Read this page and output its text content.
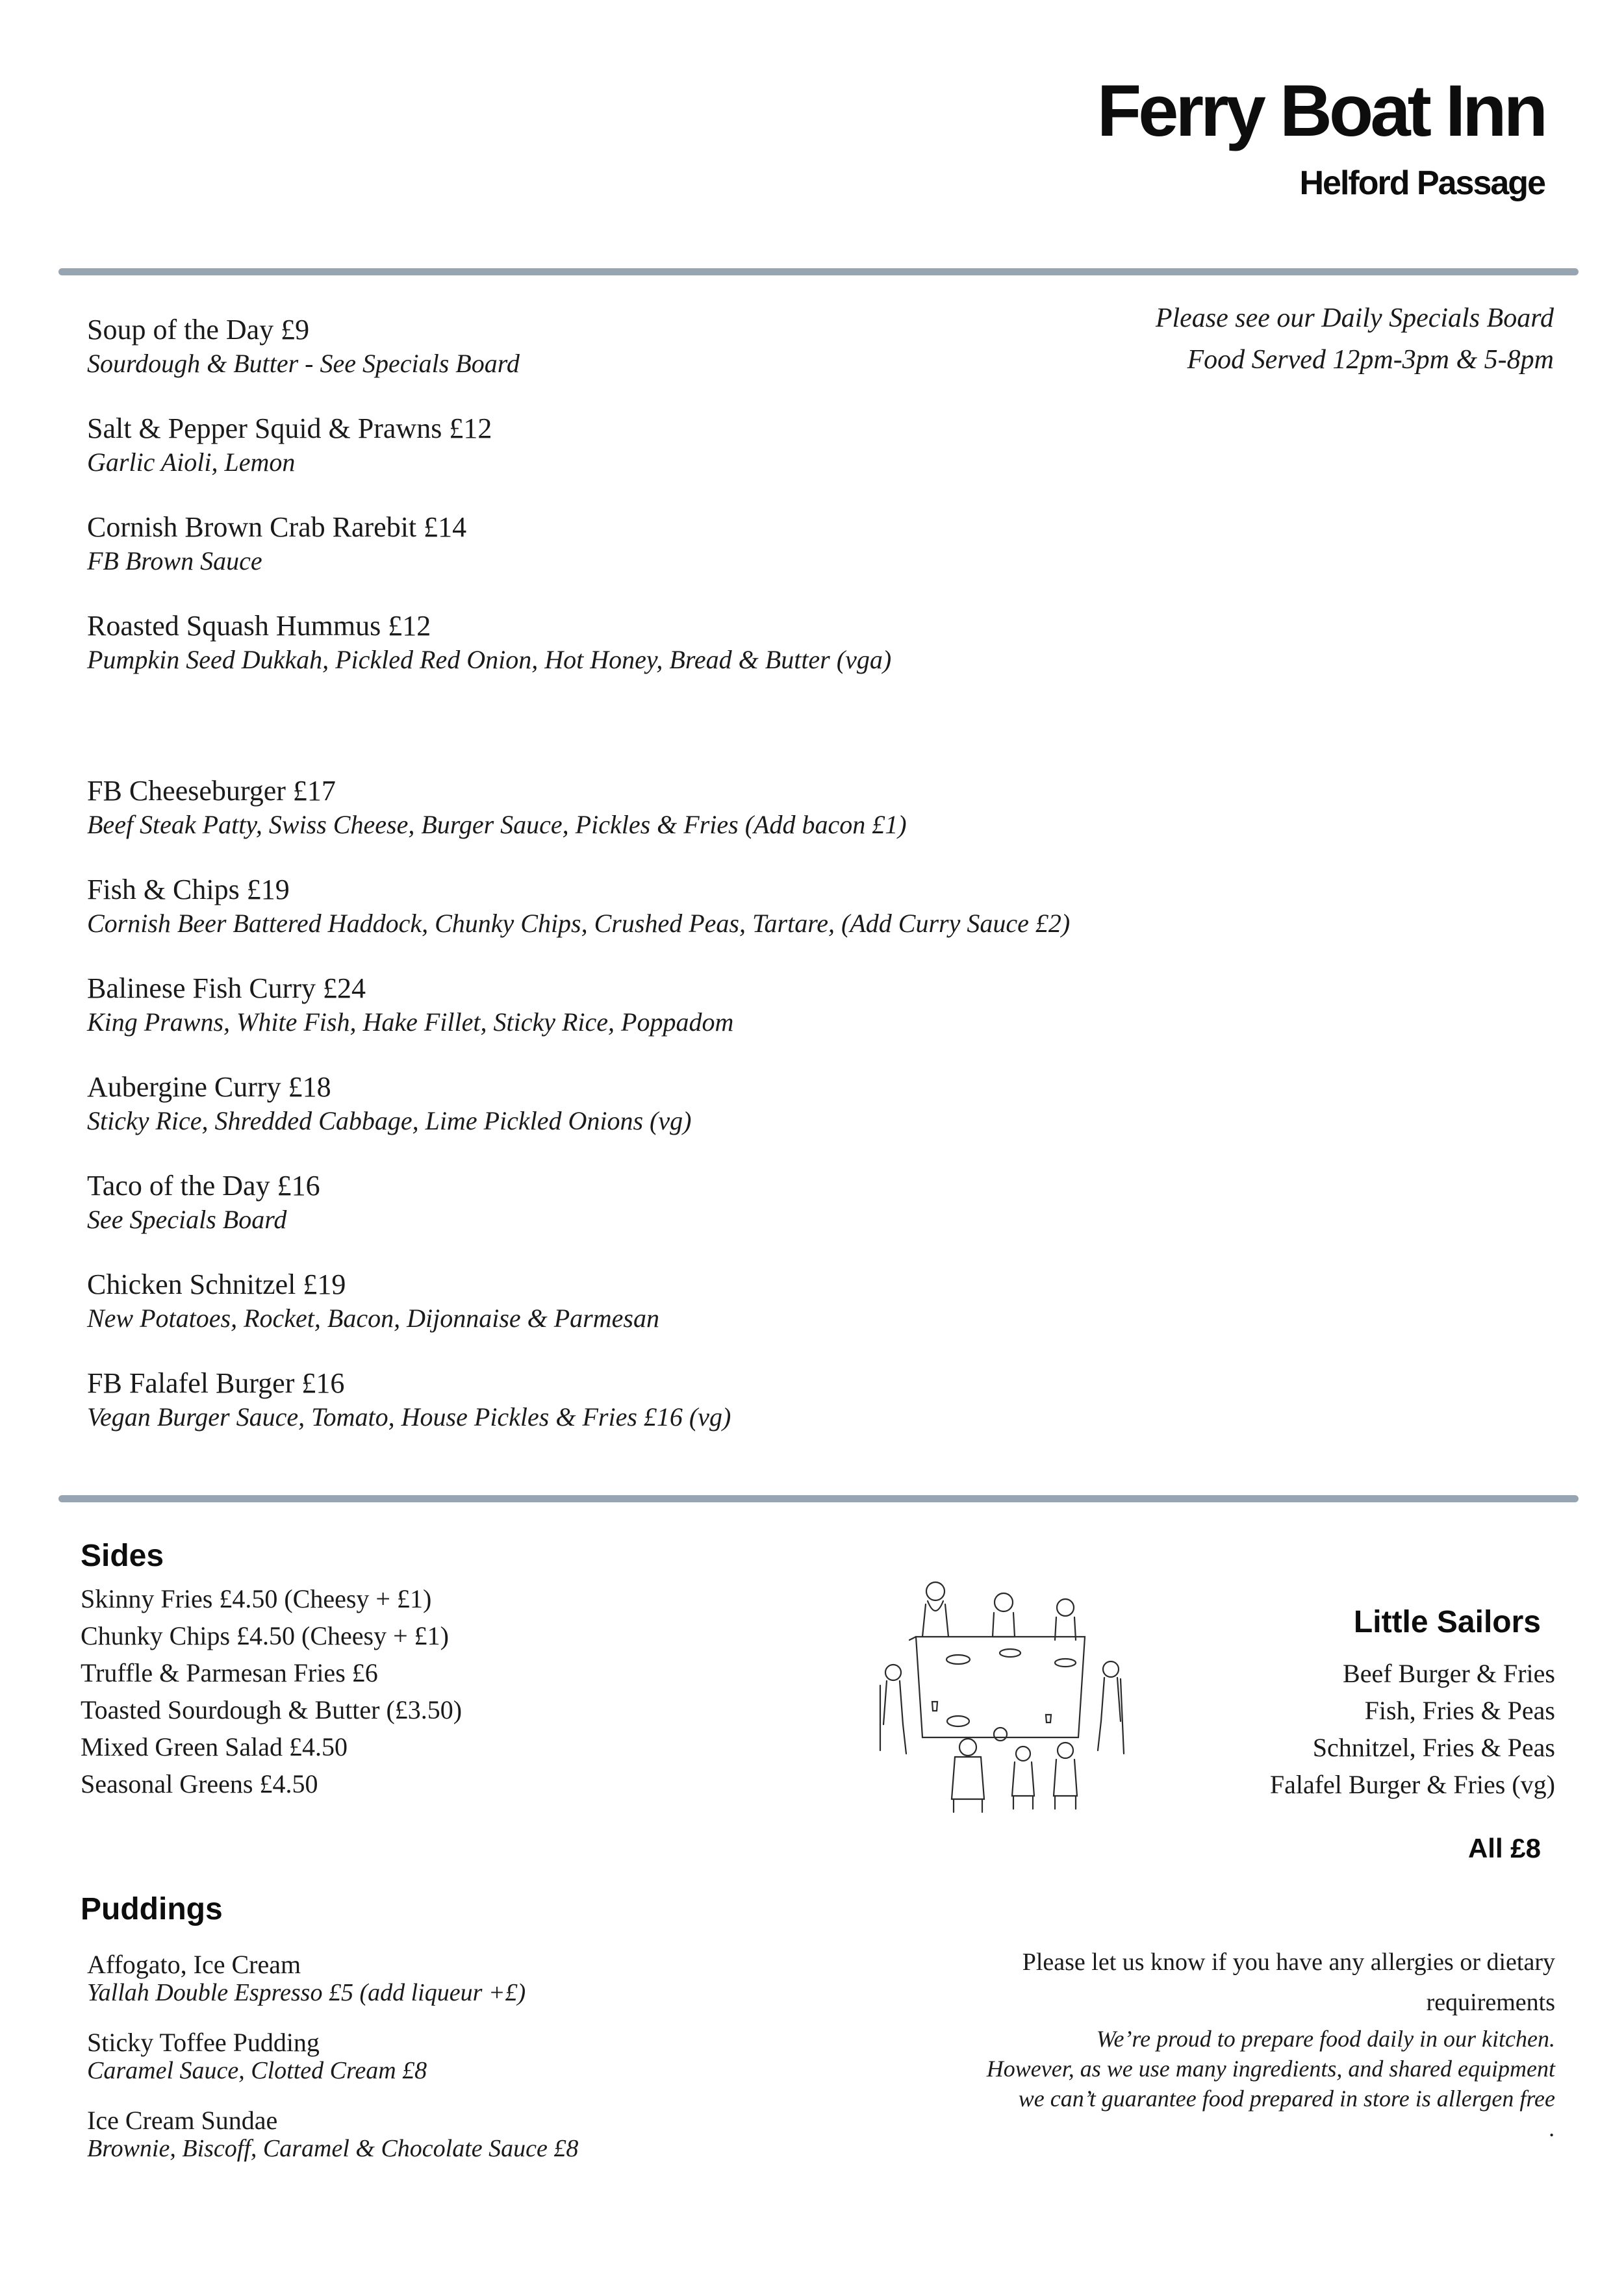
Ferry Boat Inn
Helford Passage
Please see our Daily Specials Board
Food Served 12pm-3pm & 5-8pm
Soup of the Day £9
Sourdough & Butter - See Specials Board
Salt & Pepper Squid & Prawns £12
Garlic Aioli, Lemon
Cornish Brown Crab Rarebit £14
FB Brown Sauce
Roasted Squash Hummus £12
Pumpkin Seed Dukkah, Pickled Red Onion, Hot Honey, Bread & Butter (vga)
FB Cheeseburger £17
Beef Steak Patty, Swiss Cheese, Burger Sauce, Pickles & Fries (Add bacon £1)
Fish & Chips £19
Cornish Beer Battered Haddock, Chunky Chips, Crushed Peas, Tartare, (Add Curry Sauce £2)
Balinese Fish Curry £24
King Prawns, White Fish, Hake Fillet, Sticky Rice, Poppadom
Aubergine Curry £18
Sticky Rice, Shredded Cabbage, Lime Pickled Onions (vg)
Taco of the Day £16
See Specials Board
Chicken Schnitzel £19
New Potatoes, Rocket, Bacon, Dijonnaise & Parmesan
FB Falafel Burger £16
Vegan Burger Sauce, Tomato, House Pickles & Fries £16 (vg)
Sides
Skinny Fries £4.50 (Cheesy + £1)
Chunky Chips £4.50 (Cheesy + £1)
Truffle & Parmesan Fries £6
Toasted Sourdough & Butter (£3.50)
Mixed Green Salad £4.50
Seasonal Greens £4.50
Little Sailors
Beef Burger & Fries
Fish, Fries & Peas
Schnitzel, Fries & Peas
Falafel Burger & Fries (vg)
All £8
Puddings
Affogato, Ice Cream
Yallah Double Espresso £5 (add liqueur +£)
Sticky Toffee Pudding
Caramel Sauce, Clotted Cream £8
Ice Cream Sundae
Brownie, Biscoff, Caramel & Chocolate Sauce £8
Please let us know if you have any allergies or dietary
requirements
We’re proud to prepare food daily in our kitchen.
However, as we use many ingredients, and shared equipment
we can’t guarantee food prepared in store is allergen free
.
